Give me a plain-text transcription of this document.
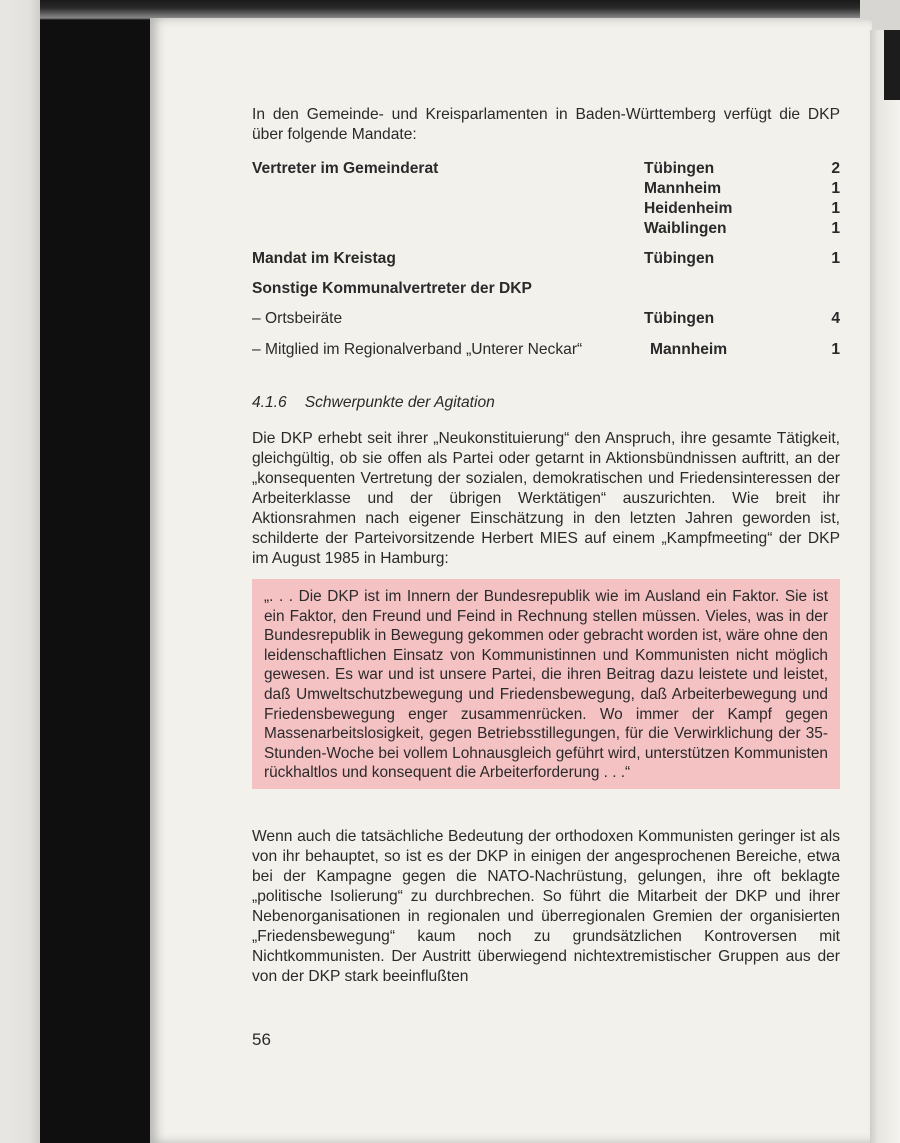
In den Gemeinde- und Kreisparlamenten in Baden-Württemberg verfügt die DKP über folgende Mandate:

Vertreter im Gemeinderat	Tübingen	2
Mannheim	1
Heidenheim	1
Waiblingen	1
Mandat im Kreistag	Tübingen	1
Sonstige Kommunalvertreter der DKP
– Ortsbeiräte	Tübingen	4
– Mitglied im Regionalverband „Unterer Neckar“	Mannheim	1
4.1.6 Schwerpunkte der Agitation

Die DKP erhebt seit ihrer „Neukonstituierung“ den Anspruch, ihre gesamte Tätigkeit, gleichgültig, ob sie offen als Partei oder getarnt in Aktionsbündnissen auftritt, an der „konsequenten Vertretung der sozialen, demokratischen und Friedensinteressen der Arbeiterklasse und der übrigen Werktätigen“ auszurichten. Wie breit ihr Aktionsrahmen nach eigener Einschätzung in den letzten Jahren geworden ist, schilderte der Parteivorsitzende Herbert MIES auf einem „Kampfmeeting“ der DKP im August 1985 in Hamburg:

„. . . Die DKP ist im Innern der Bundesrepublik wie im Ausland ein Faktor. Sie ist ein Faktor, den Freund und Feind in Rechnung stellen müssen. Vieles, was in der Bundesrepublik in Bewegung gekommen oder gebracht worden ist, wäre ohne den leidenschaftlichen Einsatz von Kommunistinnen und Kommunisten nicht möglich gewesen. Es war und ist unsere Partei, die ihren Beitrag dazu leistete und leistet, daß Umweltschutzbewegung und Friedensbewegung, daß Arbeiterbewegung und Friedensbewegung enger zusammenrücken. Wo immer der Kampf gegen Massenarbeitslosigkeit, gegen Betriebsstillegungen, für die Verwirklichung der 35-Stunden-Woche bei vollem Lohnausgleich geführt wird, unterstützen Kommunisten rückhaltlos und konsequent die Arbeiterforderung . . .“

Wenn auch die tatsächliche Bedeutung der orthodoxen Kommunisten geringer ist als von ihr behauptet, so ist es der DKP in einigen der angesprochenen Bereiche, etwa bei der Kampagne gegen die NATO-Nachrüstung, gelungen, ihre oft beklagte „politische Isolierung“ zu durchbrechen. So führt die Mitarbeit der DKP und ihrer Nebenorganisationen in regionalen und überregionalen Gremien der organisierten „Friedensbewegung“ kaum noch zu grundsätzlichen Kontroversen mit Nichtkommunisten. Der Austritt überwiegend nichtextremistischer Gruppen aus der von der DKP stark beeinflußten

56
